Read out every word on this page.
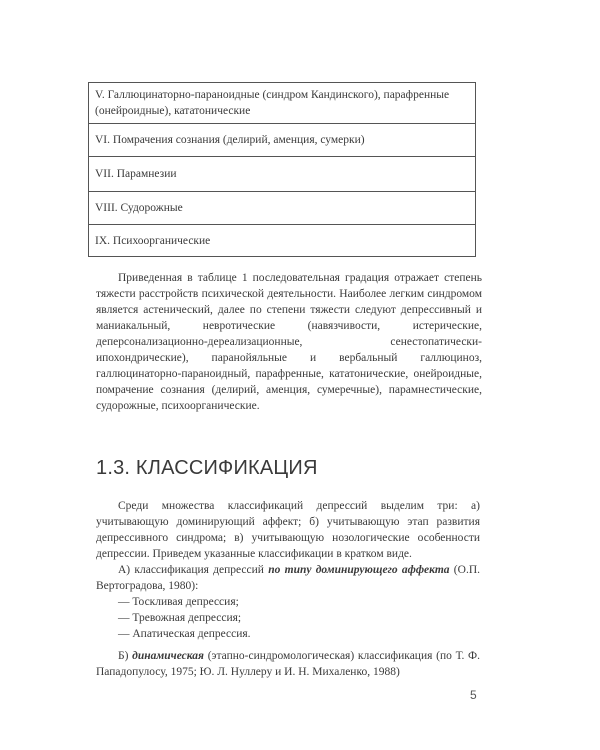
V. Галлюцинаторно-параноидные (синдром Кандинского), парафренные (онейроидные), кататонические

VI. Помрачения сознания (делирий, аменция, сумерки)

VII. Парамнезии

VIII. Судорожные

IX. Психоорганические

Приведенная в таблице 1 последовательная градация отражает степень тяжести расстройств психической деятельности. Наиболее легким синдромом является астенический, далее по степени тяжести следуют депрессивный и маниакальный, невротические (навязчивости, истерические, деперсонализационно-дереализационные, сенестопатически-ипохондрические), паранойяльные и вербальный галлюциноз, галлюцинаторно-параноидный, парафренные, кататонические, онейроидные, помрачение сознания (делирий, аменция, сумеречные), парамнестические, судорожные, психоорганические.

1.3. КЛАССИФИКАЦИЯ

Среди множества классификаций депрессий выделим три: а) учитывающую доминирующий аффект; б) учитывающую этап развития депрессивного синдрома; в) учитывающую нозологические особенности депрессии. Приведем указанные классификации в кратком виде.

А) классификация депрессий по типу доминирующего аффекта (О.П. Вертоградова, 1980):

— Тоскливая депрессия;

— Тревожная депрессия;

— Апатическая депрессия.

Б) динамическая (этапно-синдромологическая) классификация (по Т. Ф. Пападопулосу, 1975; Ю. Л. Нуллеру и И. Н. Михаленко, 1988)

5
